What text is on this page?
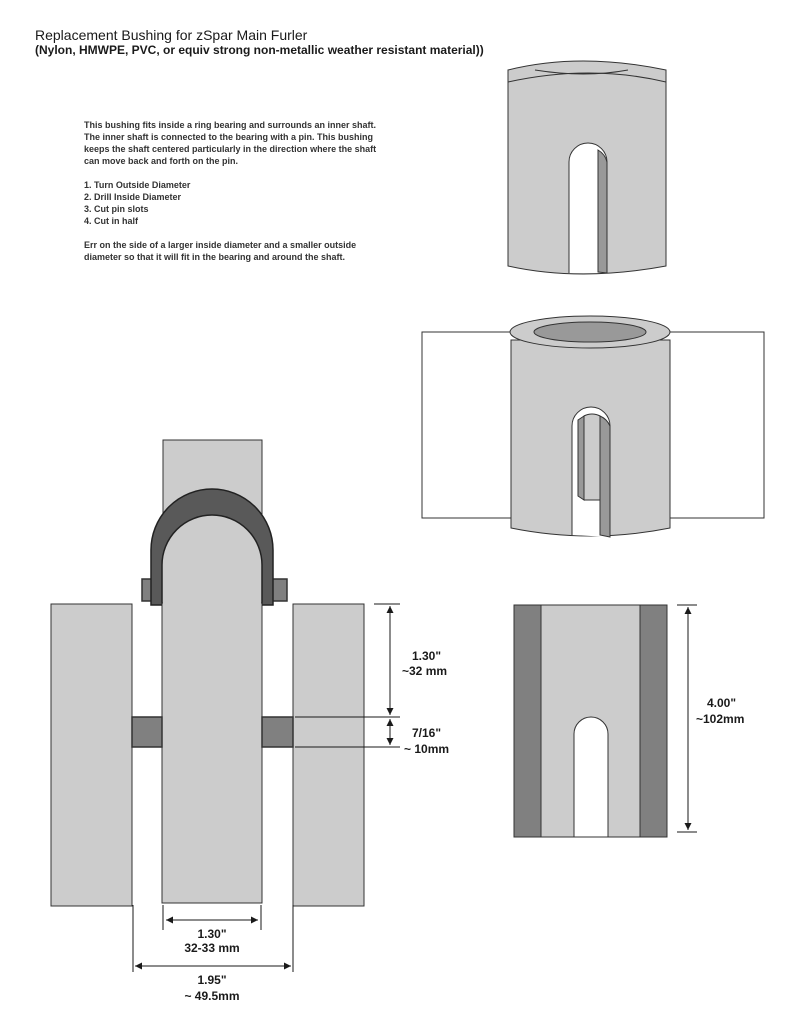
Replacement Bushing for zSpar Main Furler
(Nylon, HMWPE, PVC, or equiv strong non-metallic weather resistant material))

This bushing fits inside a ring bearing and surrounds an inner shaft. The inner shaft is connected to the bearing with a pin. This bushing keeps the shaft centered particularly in the direction where the shaft can move back and forth on the pin.

1. Turn Outside Diameter
2. Drill Inside Diameter
3. Cut pin slots
4. Cut in half

Err on the side of a larger inside diameter and a smaller outside diameter so that it will fit in the bearing and around the shaft.

1.30"
~32 mm
7/16"
~ 10mm
1.30"
32-33 mm
1.95"
~ 49.5mm
4.00"
~102mm
